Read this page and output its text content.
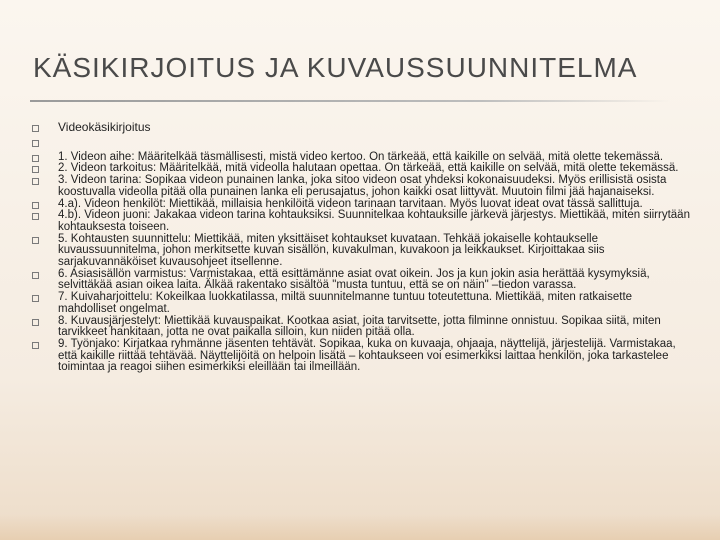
KÄSIKIRJOITUS JA KUVAUSSUUNNITELMA
Videokäsikirjoitus
1. Videon aihe: Määritelkää täsmällisesti, mistä video kertoo. On tärkeää, että kaikille on selvää, mitä olette tekemässä.
2. Videon tarkoitus: Määritelkää, mitä videolla halutaan opettaa. On tärkeää, että kaikille on selvää, mitä olette tekemässä.
3. Videon tarina: Sopikaa videon punainen lanka, joka sitoo videon osat yhdeksi kokonaisuudeksi. Myös erillisistä osista koostuvalla videolla pitää olla punainen lanka eli perusajatus, johon kaikki osat liittyvät. Muutoin filmi jää hajanaiseksi.
4.a). Videon henkilöt: Miettikää, millaisia henkilöitä videon tarinaan tarvitaan. Myös luovat ideat ovat tässä sallittuja.
4.b). Videon juoni: Jakakaa videon tarina kohtauksiksi. Suunnitelkaa kohtauksille järkevä järjestys. Miettikää, miten siirrytään kohtauksesta toiseen.
5. Kohtausten suunnittelu: Miettikää, miten yksittäiset kohtaukset kuvataan. Tehkää jokaiselle kohtaukselle kuvaussuunnitelma, johon merkitsette kuvan sisällön, kuvakulman, kuvakoon ja leikkaukset. Kirjoittakaa siis sarjakuvannäköiset kuvausohjeet itsellenne.
6. Asiasisällön varmistus: Varmistakaa, että esittämänne asiat ovat oikein. Jos ja kun jokin asia herättää kysymyksiä, selvittäkää asian oikea laita. Älkää rakentako sisältöä "musta tuntuu, että se on näin" –tiedon varassa.
7. Kuivaharjoittelu: Kokeilkaa luokkatilassa, miltä suunnitelmanne tuntuu toteutettuna. Miettikää, miten ratkaisette mahdolliset ongelmat.
8. Kuvausjärjestelyt: Miettikää kuvauspaikat. Kootkaa asiat, joita tarvitsette, jotta filminne onnistuu. Sopikaa siitä, miten tarvikkeet hankitaan, jotta ne ovat paikalla silloin, kun niiden pitää olla.
9. Työnjako: Kirjatkaa ryhmänne jäsenten tehtävät. Sopikaa, kuka on kuvaaja, ohjaaja, näyttelijä, järjestelijä. Varmistakaa, että kaikille riittää tehtävää. Näyttelijöitä on helpoin lisätä – kohtaukseen voi esimerkiksi laittaa henkilön, joka tarkastelee toimintaa ja reagoi siihen esimerkiksi eleillään tai ilmeillään.
